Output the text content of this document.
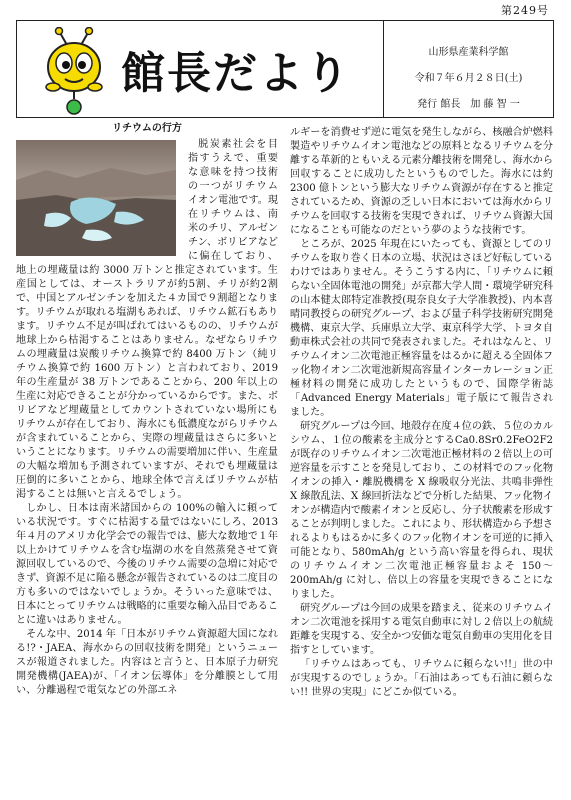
第249号
館長だより	山形県産業科学館
令和７年６月２８日(土)
発行 館長　加 藤 智 一
リチウムの行方

脱炭素社会を目指すうえで、重要な意味を持つ技術の一つがリチウムイオン電池です。現在リチウムは、南米のチリ、アルゼンチン、ボリビアなどに偏在しており、地上の埋蔵量は約 3000 万トンと推定されています。生産国としては、オーストラリアが約5割、チリが約2割で、中国とアルゼンチンを加えた４カ国で９割超となります。リチウムが取れる塩湖もあれば、リチウム鉱石もあります。リチウム不足が叫ばれてはいるものの、リチウムが地球上から枯渇することはありません。なぜならリチウムの埋蔵量は炭酸リチウム換算で約 8400 万トン（純リチウム換算で約 1600 万トン）と言われており、2019 年の生産量が 38 万トンであることから、200 年以上の生産に対応できることが分かっているからです。また、ボリビアなど埋蔵量としてカウントされていない場所にもリチウムが存在しており、海水にも低濃度ながらリチウムが含まれていることから、実際の埋蔵量はさらに多いということになります。リチウムの需要増加に伴い、生産量の大幅な増加も予測されていますが、それでも埋蔵量は圧倒的に多いことから、地球全体で言えばリチウムが枯渇することは無いと言えるでしょう。

しかし、日本は南米諸国からの 100%の輸入に頼っている状況です。すぐに枯渇する量ではないにしろ、2013 年４月のアメリカ化学会での報告では、膨大な数地で１年以上かけてリチウムを含む塩湖の水を自然蒸発させて資源回収しているので、今後のリチウム需要の急増に対応できず、資源不足に陥る懸念が報告されているのは二度目の方も多いのではないでしょうか。そういった意味では、日本にとってリチウムは戦略的に重要な輸入品目であることに違いはありません。

そんな中、2014 年「日本がリチウム資源超大国になれる!?・JAEA、海水からの回収技術を開発」というニュースが報道されました。内容はと言うと、日本原子力研究開発機構(JAEA)が、「イオン伝導体」を分離膜として用い、分離過程で電気などの外部エネ

ルギーを消費せず逆に電気を発生しながら、核融合炉燃料製造やリチウムイオン電池などの原料となるリチウムを分離する革新的ともいえる元素分離技術を開発し、海水から回収することに成功したというものでした。海水には約 2300 億トンという膨大なリチウム資源が存在すると推定されているため、資源の乏しい日本においては海水からリチウムを回収する技術を実現できれば、リチウム資源大国になることも可能なのだという夢のような技術です。

ところが、2025 年現在にいたっても、資源としてのリチウムを取り巻く日本の立場、状況はさほど好転しているわけではありません。そうこうする内に、「リチウムに頼らない全固体電池の開発」が京都大学人間・環境学研究科の山本健太郎特定准教授(現奈良女子大学准教授)、内本喜晴同教授らの研究グループ、および量子科学技術研究開発機構、東京大学、兵庫県立大学、東京科学大学、トヨタ自動車株式会社の共同で発表されました。それはなんと、リチウムイオン二次電池正極容量をはるかに超える全固体フッ化物イオン二次電池新規高容量インターカレーション正極材料の開発に成功したというもので、国際学術誌「Advanced Energy Materials」電子版にて報告されました。

研究グループは今回、地殻存在度４位の鉄、５位のカルシウム、１位の酸素を主成分とするCa0.8Sr0.2FeO2F2が既存のリチウムイオン二次電池正極材料の２倍以上の可逆容量を示すことを発見しており、この材料でのフッ化物イオンの挿入・離脱機構を X 線吸収分光法、共鳴非弾性 X 線散乱法、X 線回折法などで分析した結果、フッ化物イオンが構造内で酸素イオンと反応し、分子状酸素を形成することが判明しました。これにより、形状構造から予想されるよりもはるかに多くのフッ化物イオンを可逆的に挿入可能となり、580mAh/g という高い容量を得られ、現状のリチウムイオン二次電池正極容量およそ 150～200mAh/g に対し、倍以上の容量を実現できることになりました。

研究グループは今回の成果を踏まえ、従来のリチウムイオン二次電池を採用する電気自動車に対し２倍以上の航続距離を実現する、安全かつ安価な電気自動車の実用化を目指すとしています。

「リチウムはあっても、リチウムに頼らない!!」世の中が実現するのでしょうか。「石油はあっても石油に頼らない!! 世界の実現」にどこか似ている。
